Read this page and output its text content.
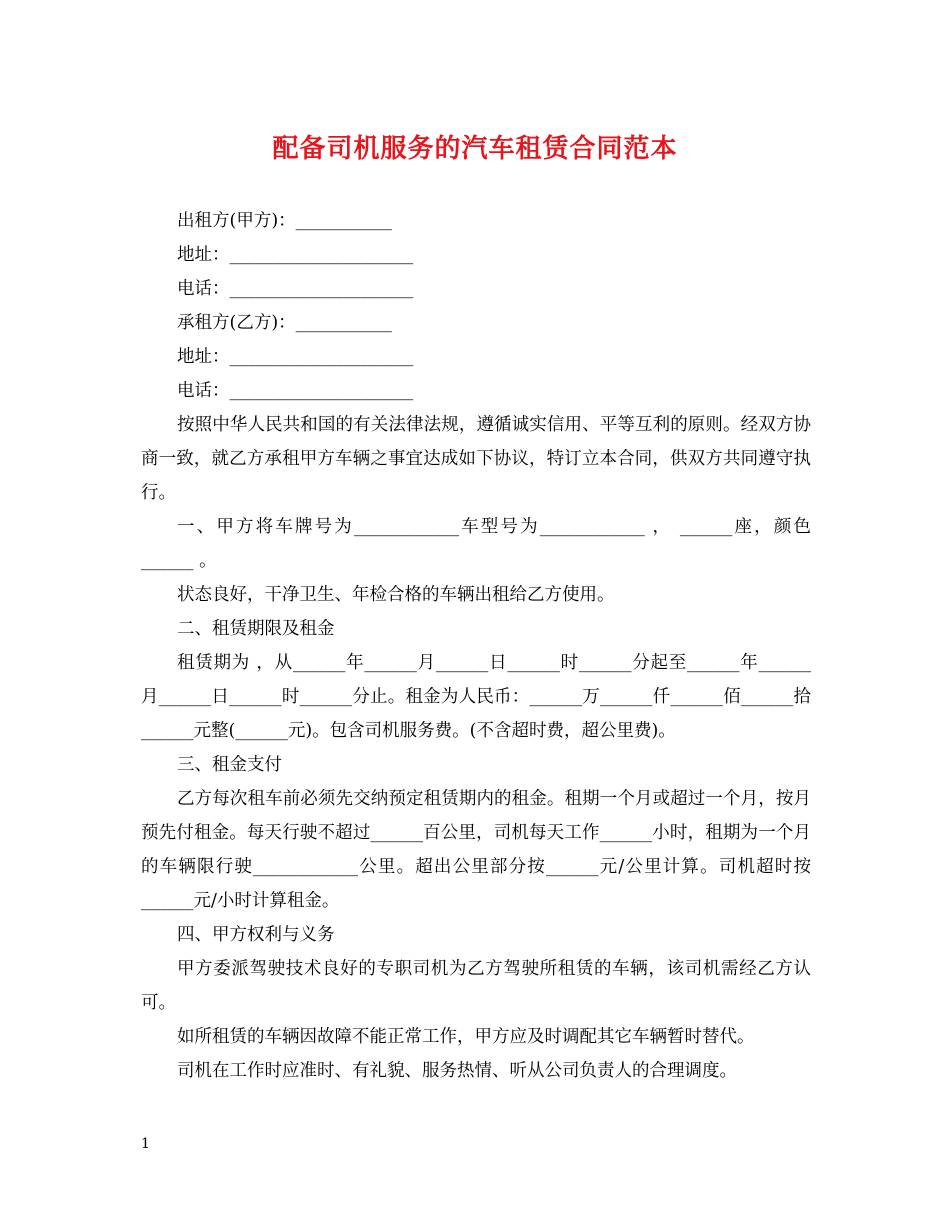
配备司机服务的汽车租赁合同范本

出租方(甲方)：___________

地址：_____________________

电话：_____________________

承租方(乙方)：___________

地址：_____________________

电话：_____________________

按照中华人民共和国的有关法律法规，遵循诚实信用、平等互利的原则。经双方协商一致，就乙方承租甲方车辆之事宜达成如下协议，特订立本合同，供双方共同遵守执行。

一、甲方将车牌号为____________车型号为____________ ， ______座，颜色______ 。

状态良好，干净卫生、年检合格的车辆出租给乙方使用。

二、租赁期限及租金

租赁期为 ，从______年______月______日______时______分起至______年______月______日______时______分止。租金为人民币：______万______仟______佰______拾______元整(______元)。包含司机服务费。(不含超时费，超公里费)。

三、租金支付

乙方每次租车前必须先交纳预定租赁期内的租金。租期一个月或超过一个月，按月预先付租金。每天行驶不超过______百公里，司机每天工作______小时，租期为一个月的车辆限行驶____________公里。超出公里部分按______元/公里计算。司机超时按______元/小时计算租金。

四、甲方权利与义务

甲方委派驾驶技术良好的专职司机为乙方驾驶所租赁的车辆，该司机需经乙方认可。

如所租赁的车辆因故障不能正常工作，甲方应及时调配其它车辆暂时替代。

司机在工作时应准时、有礼貌、服务热情、听从公司负责人的合理调度。

1
